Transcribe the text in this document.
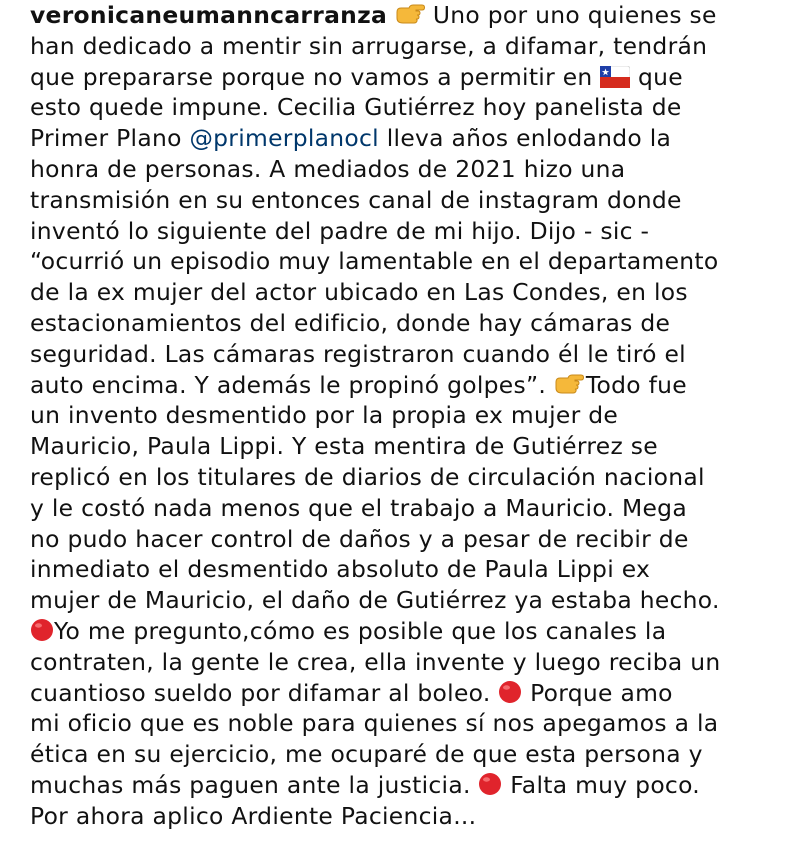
veronicaneumanncarranza
Uno por uno quienes se
han dedicado a mentir sin arrugarse, a difamar, tendrán
que prepararse porque no vamos a permitir en
que
esto quede impune. Cecilia Gutiérrez hoy panelista de
Primer Plano @primerplanocl lleva años enlodando la
honra de personas. A mediados de 2021 hizo una
transmisión en su entonces canal de instagram donde
inventó lo siguiente del padre de mi hijo. Dijo - sic -
“ocurrió un episodio muy lamentable en el departamento
de la ex mujer del actor ubicado en Las Condes, en los
estacionamientos del edificio, donde hay cámaras de
seguridad. Las cámaras registraron cuando él le tiró el
auto encima. Y además le propinó golpes”.
Todo fue
un invento desmentido por la propia ex mujer de
Mauricio, Paula Lippi. Y esta mentira de Gutiérrez se
replicó en los titulares de diarios de circulación nacional
y le costó nada menos que el trabajo a Mauricio. Mega
no pudo hacer control de daños y a pesar de recibir de
inmediato el desmentido absoluto de Paula Lippi ex
mujer de Mauricio, el daño de Gutiérrez ya estaba hecho.
Yo me pregunto,cómo es posible que los canales la
contraten, la gente le crea, ella invente y luego reciba un
cuantioso sueldo por difamar al boleo.
Porque amo
mi oficio que es noble para quienes sí nos apegamos a la
ética en su ejercicio, me ocuparé de que esta persona y
muchas más paguen ante la justicia.
Falta muy poco.
Por ahora aplico Ardiente Paciencia...
